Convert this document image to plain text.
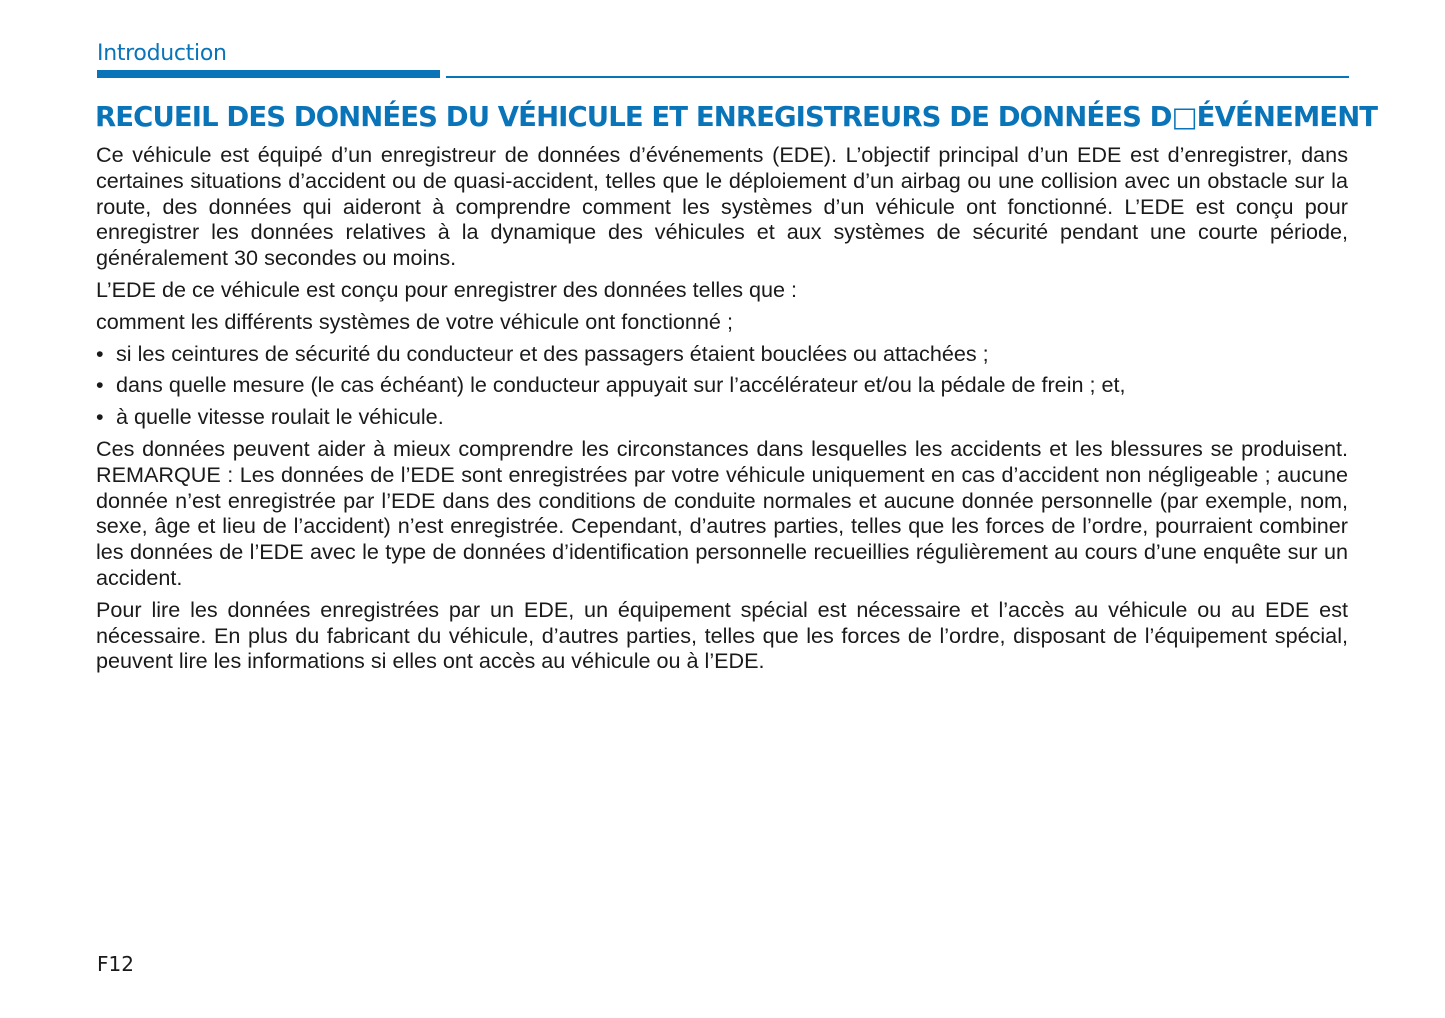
Introduction
RECUEIL DES DONNÉES DU VÉHICULE ET ENREGISTREURS DE DONNÉES D□ÉVÉNEMENT

Ce véhicule est équipé d’un enregistreur de données d’événements (EDE). L’objectif principal d’un EDE est d’enregistrer, dans certaines situations d’accident ou de quasi-accident, telles que le déploiement d’un airbag ou une collision avec un obstacle sur la route, des données qui aideront à comprendre comment les systèmes d’un véhicule ont fonctionné. L’EDE est conçu pour enregistrer les données relatives à la dynamique des véhicules et aux systèmes de sécurité pendant une courte période, généralement 30 secondes ou moins.

L’EDE de ce véhicule est conçu pour enregistrer des données telles que :

comment les différents systèmes de votre véhicule ont fonctionné ;

• si les ceintures de sécurité du conducteur et des passagers étaient bouclées ou attachées ;
• dans quelle mesure (le cas échéant) le conducteur appuyait sur l’accélérateur et/ou la pédale de frein ; et,
• à quelle vitesse roulait le véhicule.

Ces données peuvent aider à mieux comprendre les circonstances dans lesquelles les accidents et les blessures se produisent. REMARQUE : Les données de l’EDE sont enregistrées par votre véhicule uniquement en cas d’accident non négligeable ; aucune donnée n’est enregistrée par l’EDE dans des conditions de conduite normales et aucune donnée personnelle (par exemple, nom, sexe, âge et lieu de l’accident) n’est enregistrée. Cependant, d’autres parties, telles que les forces de l’ordre, pourraient combiner les données de l’EDE avec le type de données d’identification personnelle recueillies régulièrement au cours d’une enquête sur un accident.

Pour lire les données enregistrées par un EDE, un équipement spécial est nécessaire et l’accès au véhicule ou au EDE est nécessaire. En plus du fabricant du véhicule, d’autres parties, telles que les forces de l’ordre, disposant de l’équipement spécial, peuvent lire les informations si elles ont accès au véhicule ou à l’EDE.

F12
